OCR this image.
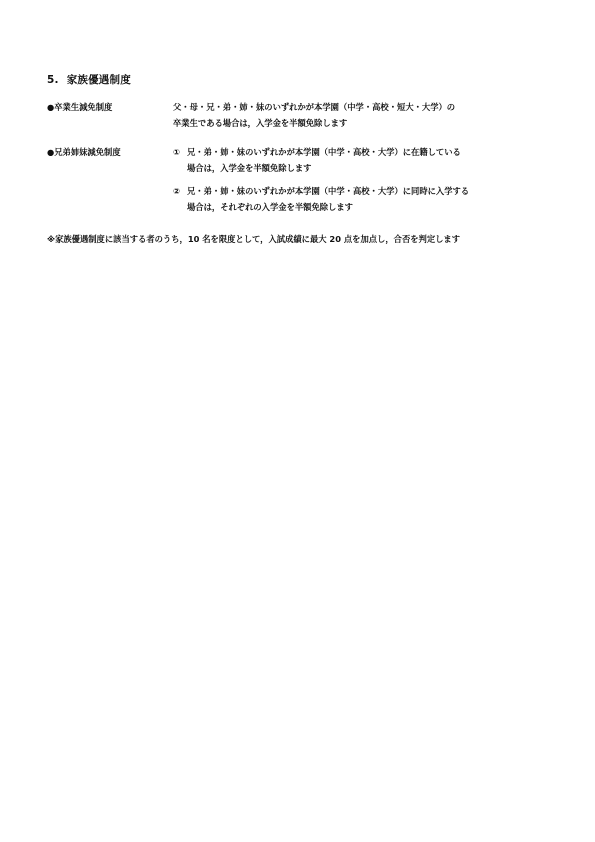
5. 家族優遇制度
●卒業生減免制度	父・母・兄・弟・姉・妹のいずれかが本学園（中学・高校・短大・大学）の
卒業生である場合は，入学金を半額免除します
●兄弟姉妹減免制度	① 兄・弟・姉・妹のいずれかが本学園（中学・高校・大学）に在籍している
場合は，入学金を半額免除します
② 兄・弟・姉・妹のいずれかが本学園（中学・高校・大学）に同時に入学する
場合は，それぞれの入学金を半額免除します
※家族優遇制度に該当する者のうち，10 名を限度として，入試成績に最大 20 点を加点し，合否を判定します
